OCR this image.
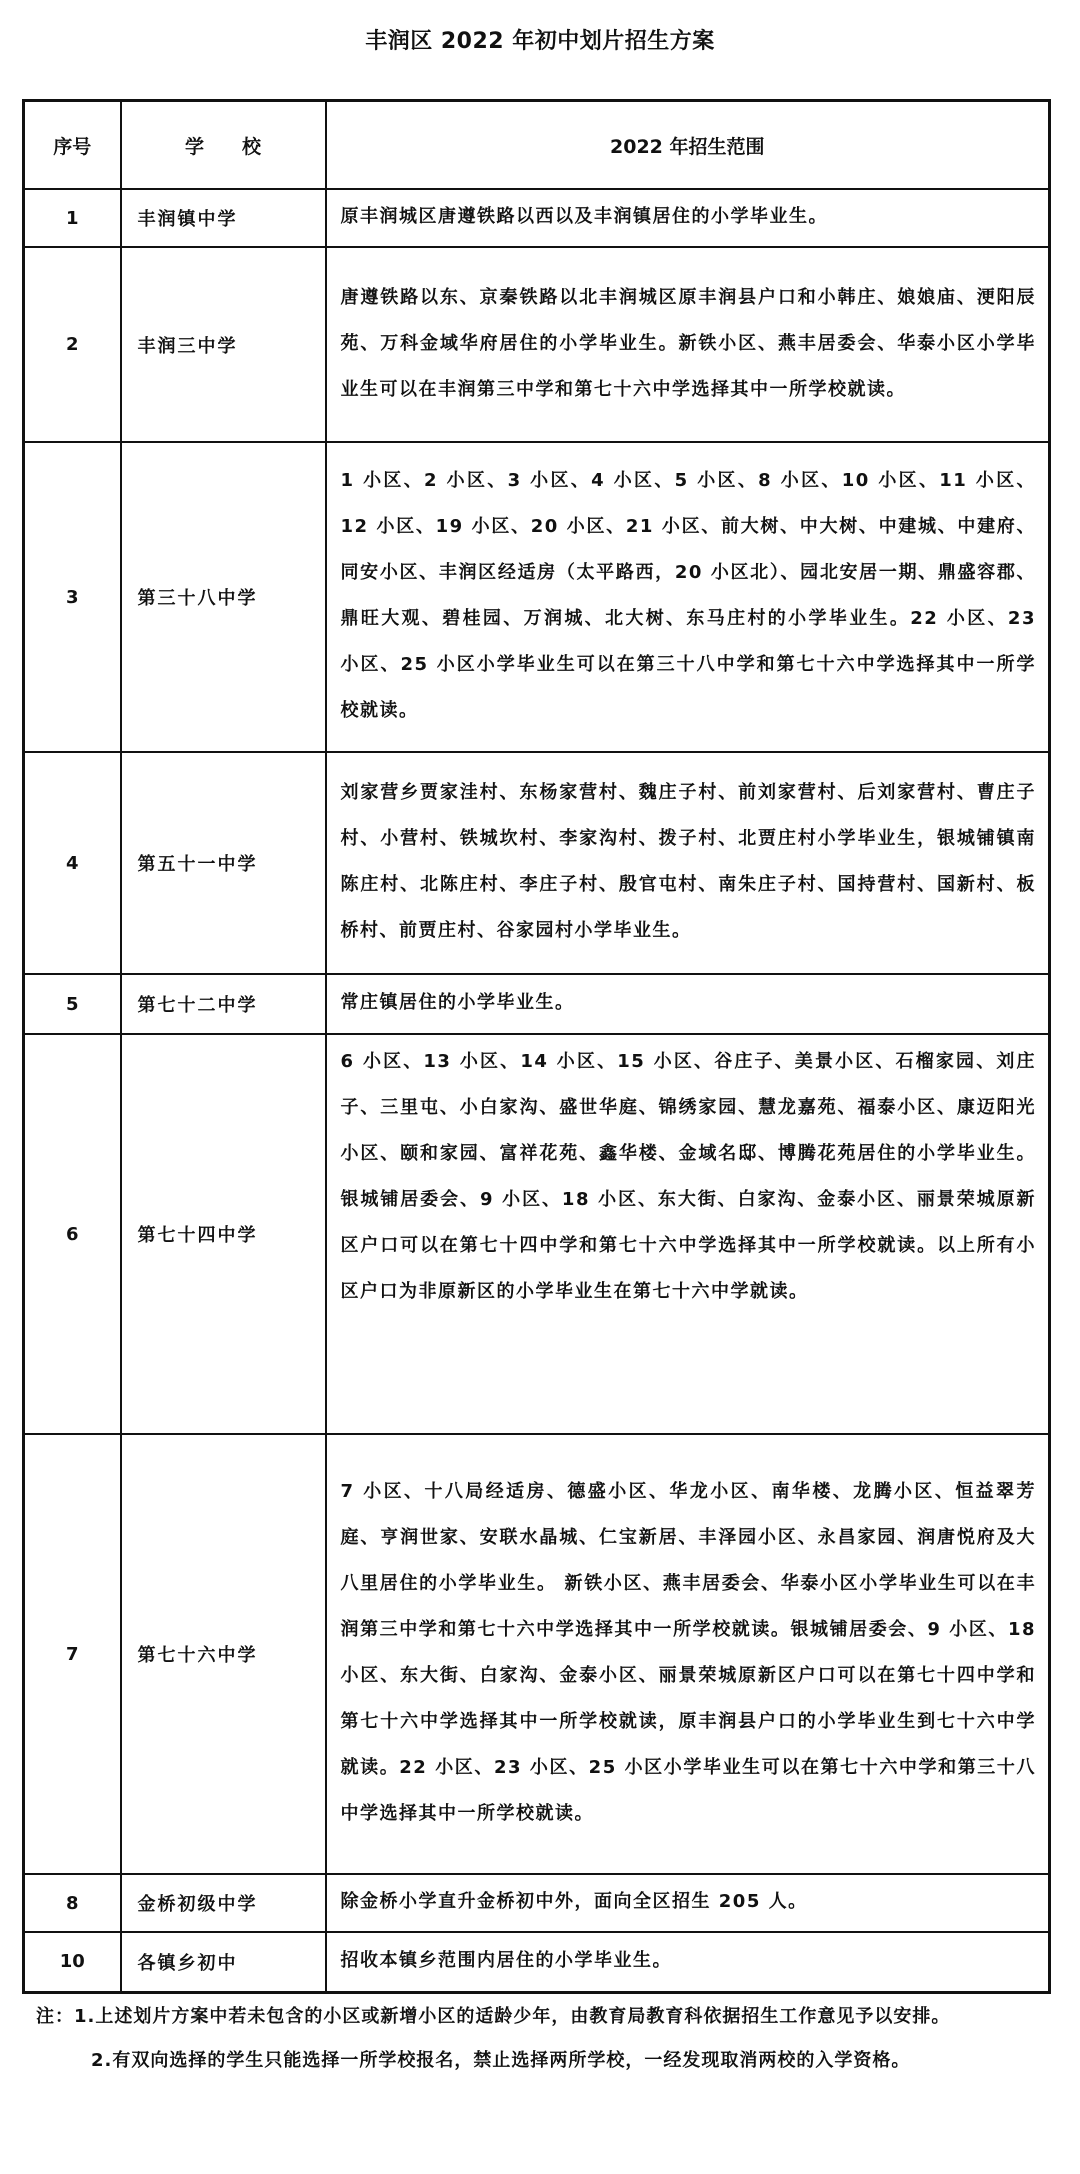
丰润区 2022 年初中划片招生方案
序号	学校	2022 年招生范围
1	丰润镇中学	原丰润城区唐遵铁路以西以及丰润镇居住的小学毕业生。
2	丰润三中学	唐遵铁路以东、京秦铁路以北丰润城区原丰润县户口和小韩庄、娘娘庙、浭阳辰苑、万科金域华府居住的小学毕业生。新铁小区、燕丰居委会、华泰小区小学毕业生可以在丰润第三中学和第七十六中学选择其中一所学校就读。
3	第三十八中学	1 小区、2 小区、3 小区、4 小区、5 小区、8 小区、10 小区、11 小区、12 小区、19 小区、20 小区、21 小区、前大树、中大树、中建城、中建府、同安小区、丰润区经适房（太平路西，20 小区北）、园北安居一期、鼎盛容郡、鼎旺大观、碧桂园、万润城、北大树、东马庄村的小学毕业生。22 小区、23 小区、25 小区小学毕业生可以在第三十八中学和第七十六中学选择其中一所学校就读。
4	第五十一中学	刘家营乡贾家洼村、东杨家营村、魏庄子村、前刘家营村、后刘家营村、曹庄子村、小营村、铁城坎村、李家沟村、拨子村、北贾庄村小学毕业生，银城铺镇南陈庄村、北陈庄村、李庄子村、殷官屯村、南朱庄子村、国持营村、国新村、板桥村、前贾庄村、谷家园村小学毕业生。
5	第七十二中学	常庄镇居住的小学毕业生。
6	第七十四中学	6 小区、13 小区、14 小区、15 小区、谷庄子、美景小区、石榴家园、刘庄子、三里屯、小白家沟、盛世华庭、锦绣家园、慧龙嘉苑、福泰小区、康迈阳光小区、颐和家园、富祥花苑、鑫华楼、金域名邸、博腾花苑居住的小学毕业生。银城铺居委会、9 小区、18 小区、东大街、白家沟、金泰小区、丽景荣城原新区户口可以在第七十四中学和第七十六中学选择其中一所学校就读。以上所有小区户口为非原新区的小学毕业生在第七十六中学就读。
7	第七十六中学	7 小区、十八局经适房、德盛小区、华龙小区、南华楼、龙腾小区、恒益翠芳庭、亨润世家、安联水晶城、仁宝新居、丰泽园小区、永昌家园、润唐悦府及大八里居住的小学毕业生。 新铁小区、燕丰居委会、华泰小区小学毕业生可以在丰润第三中学和第七十六中学选择其中一所学校就读。银城铺居委会、9 小区、18 小区、东大街、白家沟、金泰小区、丽景荣城原新区户口可以在第七十四中学和第七十六中学选择其中一所学校就读，原丰润县户口的小学毕业生到七十六中学就读。22 小区、23 小区、25 小区小学毕业生可以在第七十六中学和第三十八中学选择其中一所学校就读。
8	金桥初级中学	除金桥小学直升金桥初中外，面向全区招生 205 人。
10	各镇乡初中	招收本镇乡范围内居住的小学毕业生。

注：1.上述划片方案中若未包含的小区或新增小区的适龄少年，由教育局教育科依据招生工作意见予以安排。

2.有双向选择的学生只能选择一所学校报名，禁止选择两所学校，一经发现取消两校的入学资格。
